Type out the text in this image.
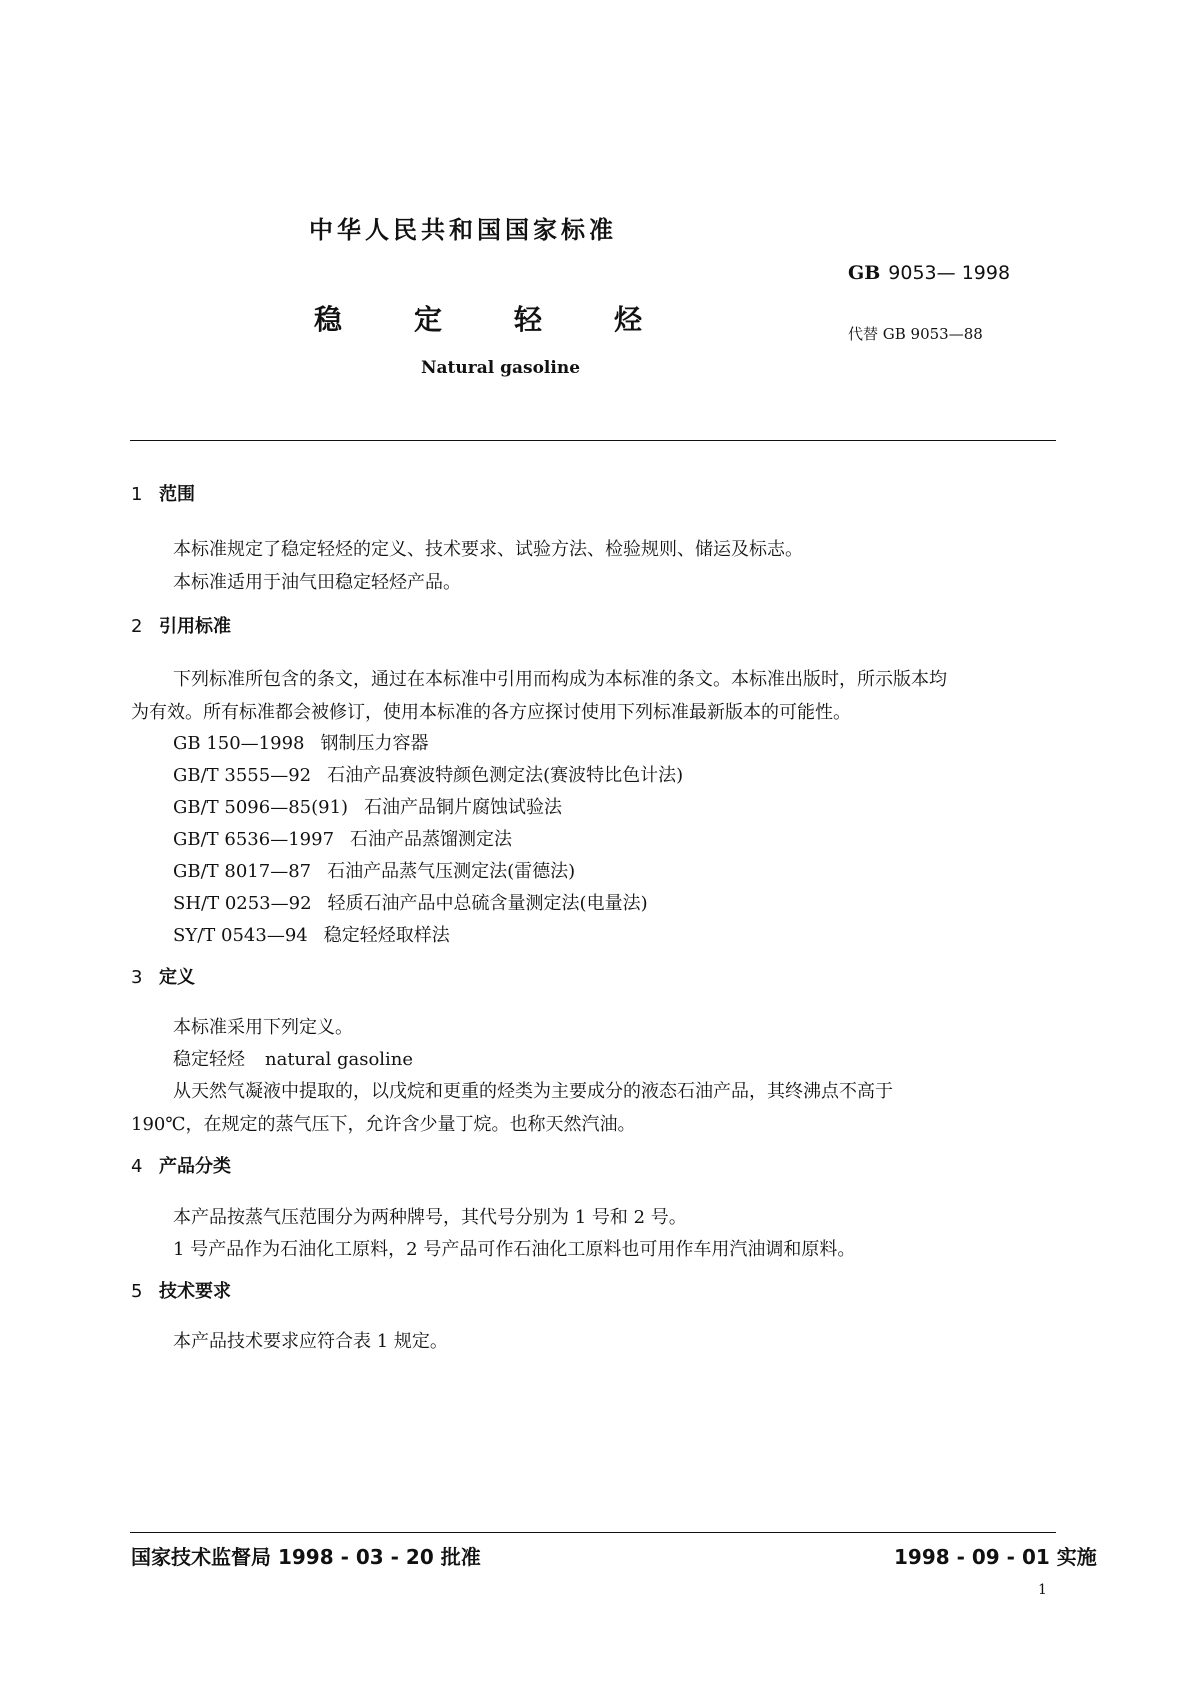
中华人民共和国国家标准
GB 9053— 1998
稳	定	轻	烃	代替 GB 9053—88
Natural gasoline
1 范围
本标准规定了稳定轻烃的定义、技术要求、试验方法、检验规则、储运及标志。
本标准适用于油气田稳定轻烃产品。
2 引用标准
下列标准所包含的条文，通过在本标准中引用而构成为本标准的条文。本标准出版时，所示版本均
为有效。所有标准都会被修订，使用本标准的各方应探讨使用下列标准最新版本的可能性。
GB 150—1998 钢制压力容器
GB/T 3555—92 石油产品赛波特颜色测定法(赛波特比色计法)
GB/T 5096—85(91) 石油产品铜片腐蚀试验法
GB/T 6536—1997 石油产品蒸馏测定法
GB/T 8017—87 石油产品蒸气压测定法(雷德法)
SH/T 0253—92 轻质石油产品中总硫含量测定法(电量法)
SY/T 0543—94 稳定轻烃取样法
3 定义
本标准采用下列定义。
稳定轻烃 natural gasoline
从天然气凝液中提取的，以戊烷和更重的烃类为主要成分的液态石油产品，其终沸点不高于
190℃，在规定的蒸气压下，允许含少量丁烷。也称天然汽油。
4 产品分类
本产品按蒸气压范围分为两种牌号，其代号分别为 1 号和 2 号。
1 号产品作为石油化工原料，2 号产品可作石油化工原料也可用作车用汽油调和原料。
5 技术要求
本产品技术要求应符合表 1 规定。
国家技术监督局 1998 - 03 - 20 批准	1998 - 09 - 01 实施
1
